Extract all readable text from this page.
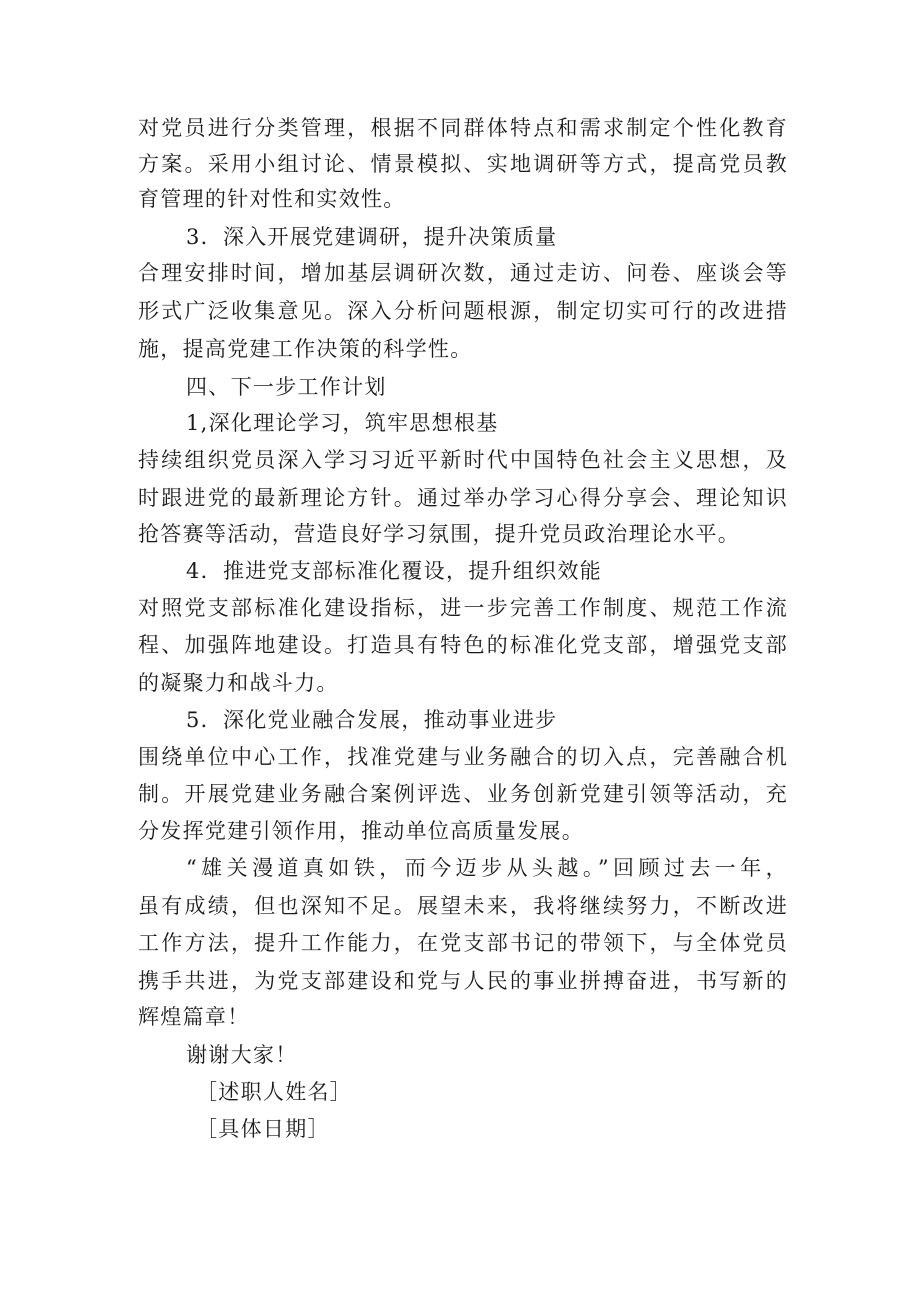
对党员进行分类管理，根据不同群体特点和需求制定个性化教育
方案。采用小组讨论、情景模拟、实地调研等方式，提高党员教
育管理的针对性和实效性。
3．深入开展党建调研，提升决策质量
合理安排时间，增加基层调研次数，通过走访、问卷、座谈会等
形式广泛收集意见。深入分析问题根源，制定切实可行的改进措
施，提高党建工作决策的科学性。
四、下一步工作计划
1,深化理论学习，筑牢思想根基
持续组织党员深入学习习近平新时代中国特色社会主义思想，及
时跟进党的最新理论方针。通过举办学习心得分享会、理论知识
抢答赛等活动，营造良好学习氛围，提升党员政治理论水平。
4．推进党支部标准化覆设，提升组织效能
对照党支部标准化建设指标，进一步完善工作制度、规范工作流
程、加强阵地建设。打造具有特色的标准化党支部，增强党支部
的凝聚力和战斗力。
5．深化党业融合发展，推动事业进步
围绕单位中心工作，找准党建与业务融合的切入点，完善融合机
制。开展党建业务融合案例评选、业务创新党建引领等活动，充
分发挥党建引领作用，推动单位高质量发展。
“雄关漫道真如铁，而今迈步从头越。”回顾过去一年，
虽有成绩，但也深知不足。展望未来，我将继续努力，不断改进
工作方法，提升工作能力，在党支部书记的带领下，与全体党员
携手共进，为党支部建设和党与人民的事业拼搏奋进，书写新的
辉煌篇章！
谢谢大家！
［述职人姓名］
［具体日期］
